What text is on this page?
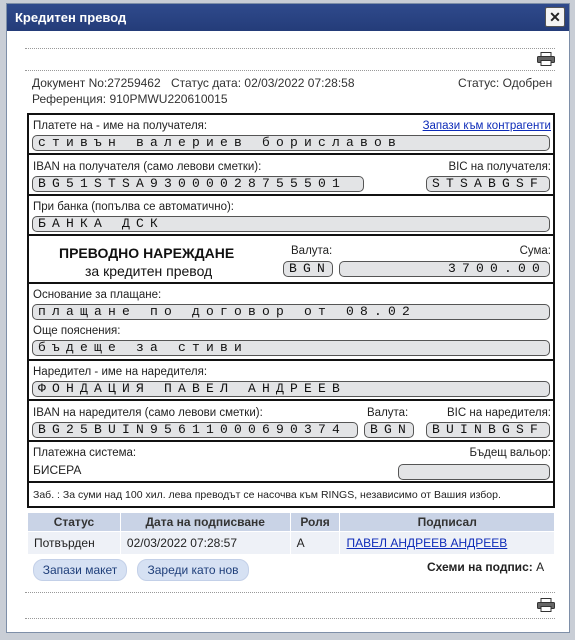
Кредитен превод	✕
Документ No:27259462 Статус дата: 02/03/2022 07:28:58	Статус: Одобрен
Референция: 910PMWU220610015
Платете на - име на получателя:	Запази към контрагенти
стивън валериев бориславов
IBAN на получателя (само левови сметки):	BIC на получателя:
BG51STSA93000028755501	STSABGSF
При банка (попълва се автоматично):
БАНКА ДСК
ПРЕВОДНО НАРЕЖДАНЕ
за кредитен превод
Валута:	Сума:
BGN	3700.00
Основание за плащане:
плащане по договор от 08.02
Още пояснения:
бъдеще за стиви
Наредител - име на наредителя:
ФОНДАЦИЯ ПАВЕЛ АНДРЕЕВ
IBAN на наредителя (само левови сметки):	Валута:	BIC на наредителя:
BG25BUIN95611000690374	BGN	BUINBGSF
Платежна система:
БИСЕРА
Бъдещ вальор:
Заб. : За суми над 100 хил. лева преводът се насочва към RINGS, независимо от Вашия избор.
Статус	Дата на подписване	Роля	Подписал
Потвърден	02/03/2022 07:28:57	A	ПАВЕЛ АНДРЕЕВ АНДРЕЕВ
Запази макет	Зареди като нов	Схеми на подпис: А
